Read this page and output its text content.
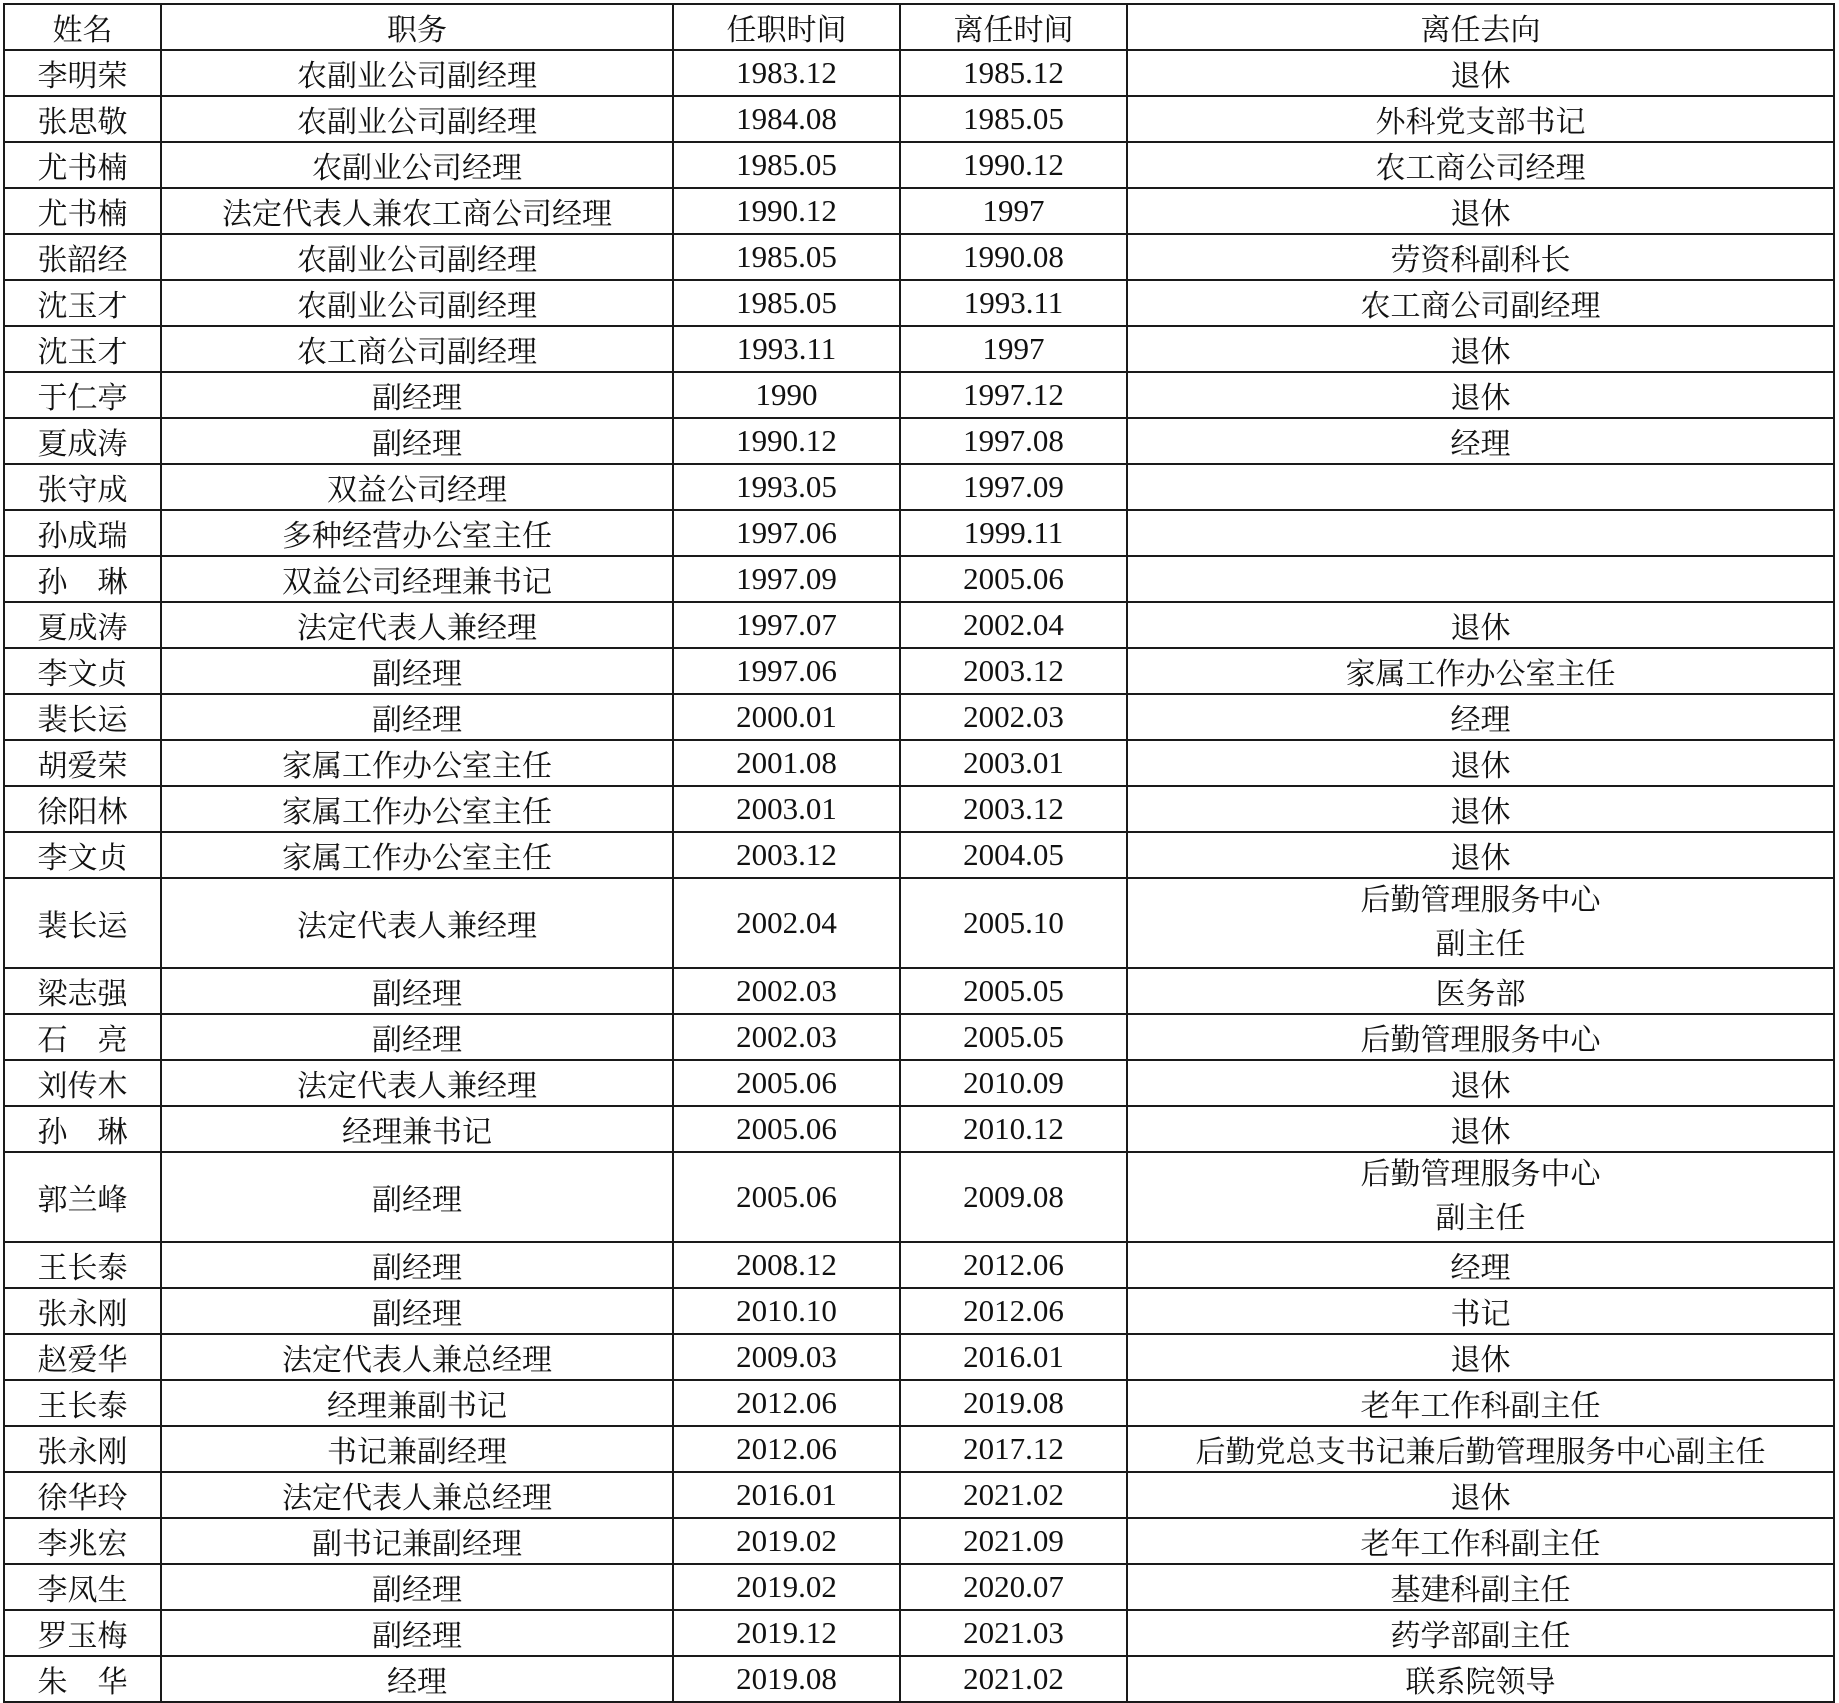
姓名	职务	任职时间	离任时间	离任去向
李明荣	农副业公司副经理	1983.12	1985.12	退休
张思敬	农副业公司副经理	1984.08	1985.05	外科党支部书记
尤书楠	农副业公司经理	1985.05	1990.12	农工商公司经理
尤书楠	法定代表人兼农工商公司经理	1990.12	1997	退休
张韶经	农副业公司副经理	1985.05	1990.08	劳资科副科长
沈玉才	农副业公司副经理	1985.05	1993.11	农工商公司副经理
沈玉才	农工商公司副经理	1993.11	1997	退休
于仁亭	副经理	1990	1997.12	退休
夏成涛	副经理	1990.12	1997.08	经理
张守成	双益公司经理	1993.05	1997.09	
孙成瑞	多种经营办公室主任	1997.06	1999.11	
孙　琳	双益公司经理兼书记	1997.09	2005.06	
夏成涛	法定代表人兼经理	1997.07	2002.04	退休
李文贞	副经理	1997.06	2003.12	家属工作办公室主任
裴长运	副经理	2000.01	2002.03	经理
胡爱荣	家属工作办公室主任	2001.08	2003.01	退休
徐阳林	家属工作办公室主任	2003.01	2003.12	退休
李文贞	家属工作办公室主任	2003.12	2004.05	退休
裴长运	法定代表人兼经理	2002.04	2005.10	后勤管理服务中心
副主任

梁志强	副经理	2002.03	2005.05	医务部
石　亮	副经理	2002.03	2005.05	后勤管理服务中心
刘传木	法定代表人兼经理	2005.06	2010.09	退休
孙　琳	经理兼书记	2005.06	2010.12	退休
郭兰峰	副经理	2005.06	2009.08	后勤管理服务中心
副主任

王长泰	副经理	2008.12	2012.06	经理
张永刚	副经理	2010.10	2012.06	书记
赵爱华	法定代表人兼总经理	2009.03	2016.01	退休
王长泰	经理兼副书记	2012.06	2019.08	老年工作科副主任
张永刚	书记兼副经理	2012.06	2017.12	后勤党总支书记兼后勤管理服务中心副主任
徐华玲	法定代表人兼总经理	2016.01	2021.02	退休
李兆宏	副书记兼副经理	2019.02	2021.09	老年工作科副主任
李凤生	副经理	2019.02	2020.07	基建科副主任
罗玉梅	副经理	2019.12	2021.03	药学部副主任
朱　华	经理	2019.08	2021.02	联系院领导
